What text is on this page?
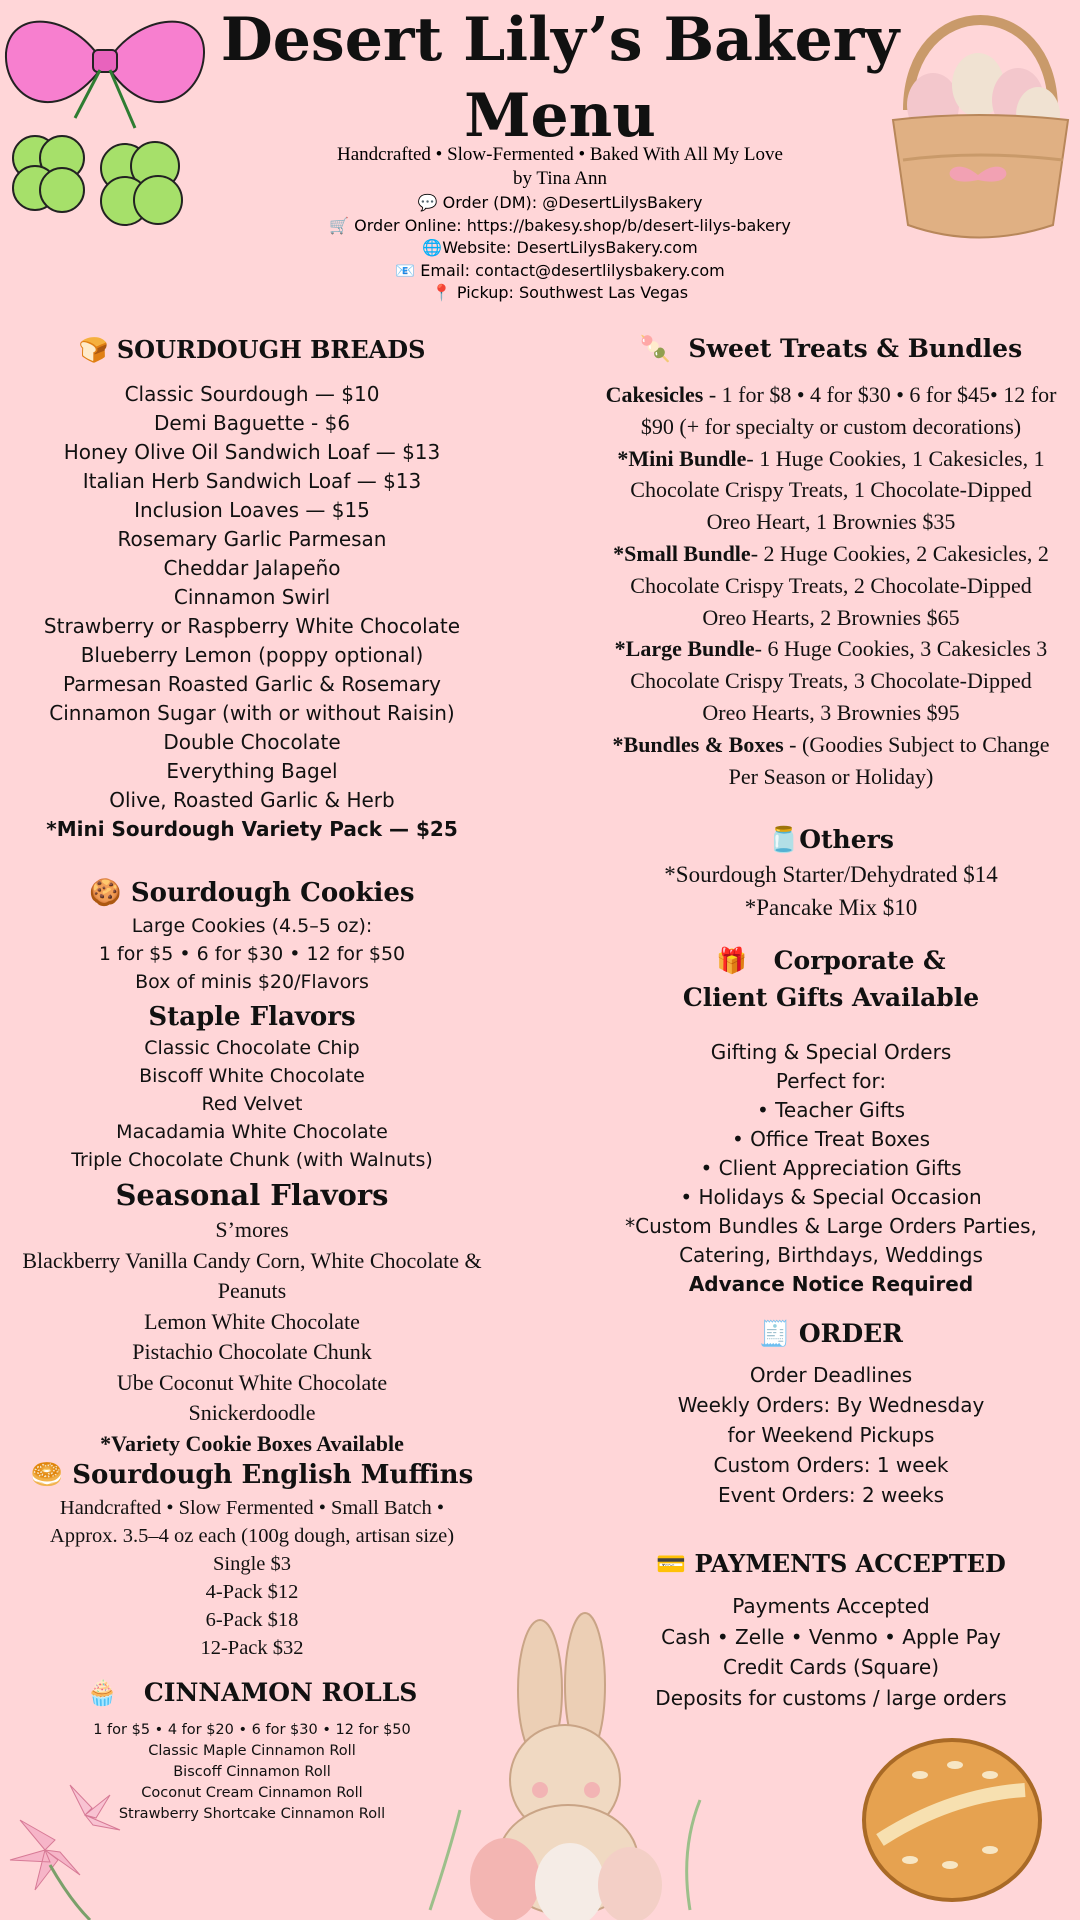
Desert Lily’s Bakery
Menu
Handcrafted • Slow-Fermented • Baked With All My Love
by Tina Ann
💬 Order (DM): @DesertLilysBakery
🛒 Order Online: https://bakesy.shop/b/desert-lilys-bakery
🌐Website: DesertLilysBakery.com
📧 Email: contact@desertlilysbakery.com
📍 Pickup: Southwest Las Vegas
🍞 SOURDOUGH BREADS
Classic Sourdough — $10
Demi Baguette - $6
Honey Olive Oil Sandwich Loaf — $13
Italian Herb Sandwich Loaf — $13
Inclusion Loaves — $15
Rosemary Garlic Parmesan
Cheddar Jalapeño
Cinnamon Swirl
Strawberry or Raspberry White Chocolate
Blueberry Lemon (poppy optional)
Parmesan Roasted Garlic & Rosemary
Cinnamon Sugar (with or without Raisin)
Double Chocolate
Everything Bagel
Olive, Roasted Garlic & Herb
*Mini Sourdough Variety Pack — $25
🍪 Sourdough Cookies
Large Cookies (4.5–5 oz):
1 for $5 • 6 for $30 • 12 for $50
Box of minis $20/Flavors
Staple Flavors
Classic Chocolate Chip
Biscoff White Chocolate
Red Velvet
Macadamia White Chocolate
Triple Chocolate Chunk (with Walnuts)
Seasonal Flavors
S’mores
Blackberry Vanilla Candy Corn, White Chocolate &
Peanuts
Lemon White Chocolate
Pistachio Chocolate Chunk
Ube Coconut White Chocolate
Snickerdoodle
*Variety Cookie Boxes Available
🥯 Sourdough English Muffins
Handcrafted • Slow Fermented • Small Batch •
Approx. 3.5–4 oz each (100g dough, artisan size)
Single $3
4-Pack $12
6-Pack $18
12-Pack $32
🧁 CINNAMON ROLLS
1 for $5 • 4 for $20 • 6 for $30 • 12 for $50
Classic Maple Cinnamon Roll
Biscoff Cinnamon Roll
Coconut Cream Cinnamon Roll
Strawberry Shortcake Cinnamon Roll
🍡 Sweet Treats & Bundles
Cakesicles - 1 for $8 • 4 for $30 • 6 for $45• 12 for
$90 (+ for specialty or custom decorations)
*Mini Bundle- 1 Huge Cookies, 1 Cakesicles, 1
Chocolate Crispy Treats, 1 Chocolate-Dipped
Oreo Heart, 1 Brownies $35
*Small Bundle- 2 Huge Cookies, 2 Cakesicles, 2
Chocolate Crispy Treats, 2 Chocolate-Dipped
Oreo Hearts, 2 Brownies $65
*Large Bundle- 6 Huge Cookies, 3 Cakesicles 3
Chocolate Crispy Treats, 3 Chocolate-Dipped
Oreo Hearts, 3 Brownies $95
*Bundles & Boxes - (Goodies Subject to Change
Per Season or Holiday)
🫙Others
*Sourdough Starter/Dehydrated $14
*Pancake Mix $10
🎁 Corporate &
Client Gifts Available
Gifting & Special Orders
Perfect for:
• Teacher Gifts
• Office Treat Boxes
• Client Appreciation Gifts
• Holidays & Special Occasion
*Custom Bundles & Large Orders Parties,
Catering, Birthdays, Weddings
Advance Notice Required
🧾 ORDER
Order Deadlines
Weekly Orders: By Wednesday
for Weekend Pickups
Custom Orders: 1 week
Event Orders: 2 weeks
💳 PAYMENTS ACCEPTED
Payments Accepted
Cash • Zelle • Venmo • Apple Pay
Credit Cards (Square)
Deposits for customs / large orders
